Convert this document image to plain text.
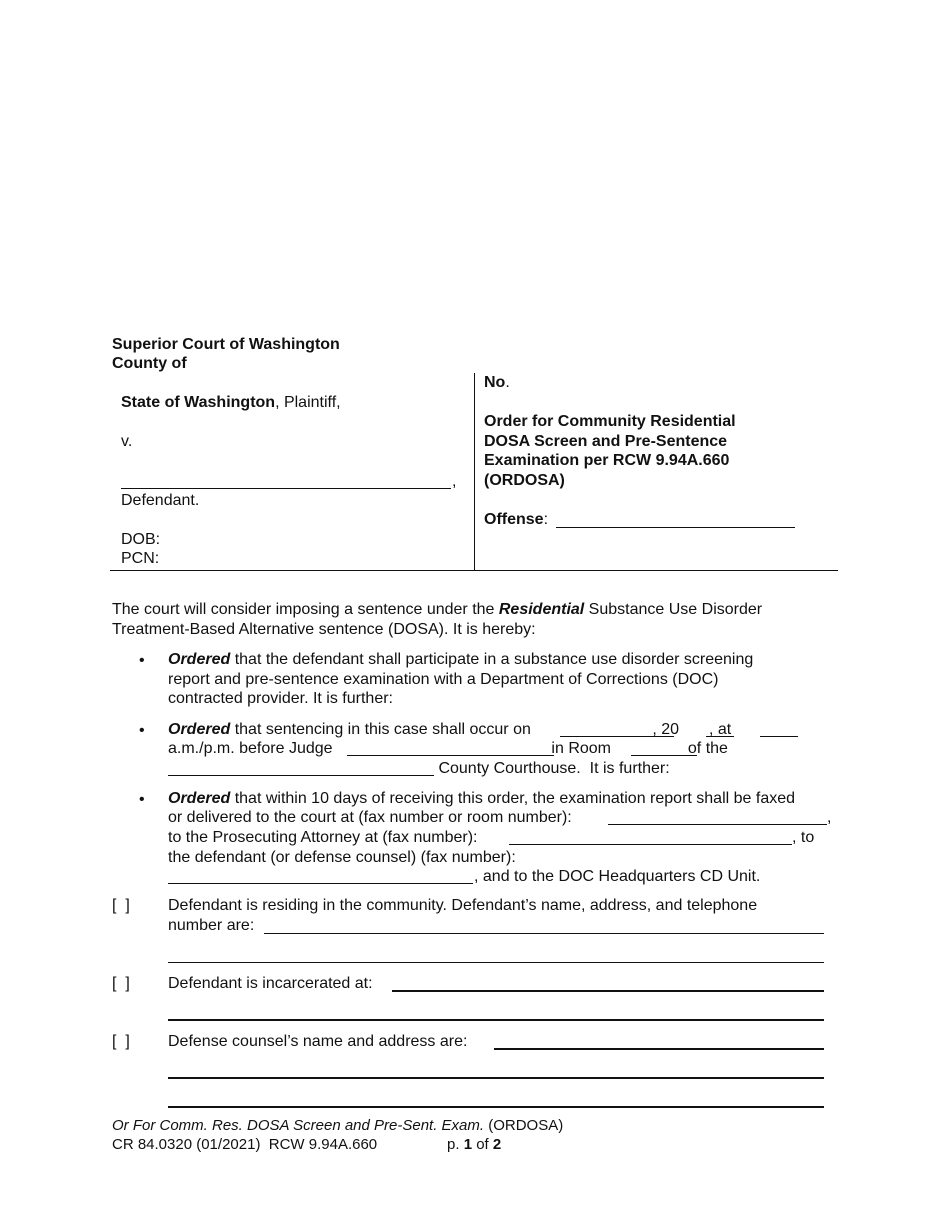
Superior Court of Washington
County of
State of Washington, Plaintiff,
v.
,
Defendant.
DOB:
PCN:
No.
Order for Community Residential
DOSA Screen and Pre-Sentence
Examination per RCW 9.94A.660
(ORDOSA)
Offense:
The court will consider imposing a sentence under the Residential Substance Use Disorder
Treatment-Based Alternative sentence (DOSA). It is hereby:
• Ordered that the defendant shall participate in a substance use disorder screening
report and pre-sentence examination with a Department of Corrections (DOC)
contracted provider. It is further:
• Ordered that sentencing in this case shall occur on	, 20 , at
a.m./p.m. before Judge	in Room	of the
County Courthouse.  It is further:
• Ordered that within 10 days of receiving this order, the examination report shall be faxed
or delivered to the court at (fax number or room number):	,
to the Prosecuting Attorney at (fax number):	, to
the defendant (or defense counsel) (fax number):
, and to the DOC Headquarters CD Unit.
[  ] Defendant is residing in the community. Defendant’s name, address, and telephone
number are:
[  ] Defendant is incarcerated at:
[  ] Defense counsel’s name and address are:
Or For Comm. Res. DOSA Screen and Pre-Sent. Exam. (ORDOSA)
CR 84.0320 (01/2021)  RCW 9.94A.660	p. 1 of 2
